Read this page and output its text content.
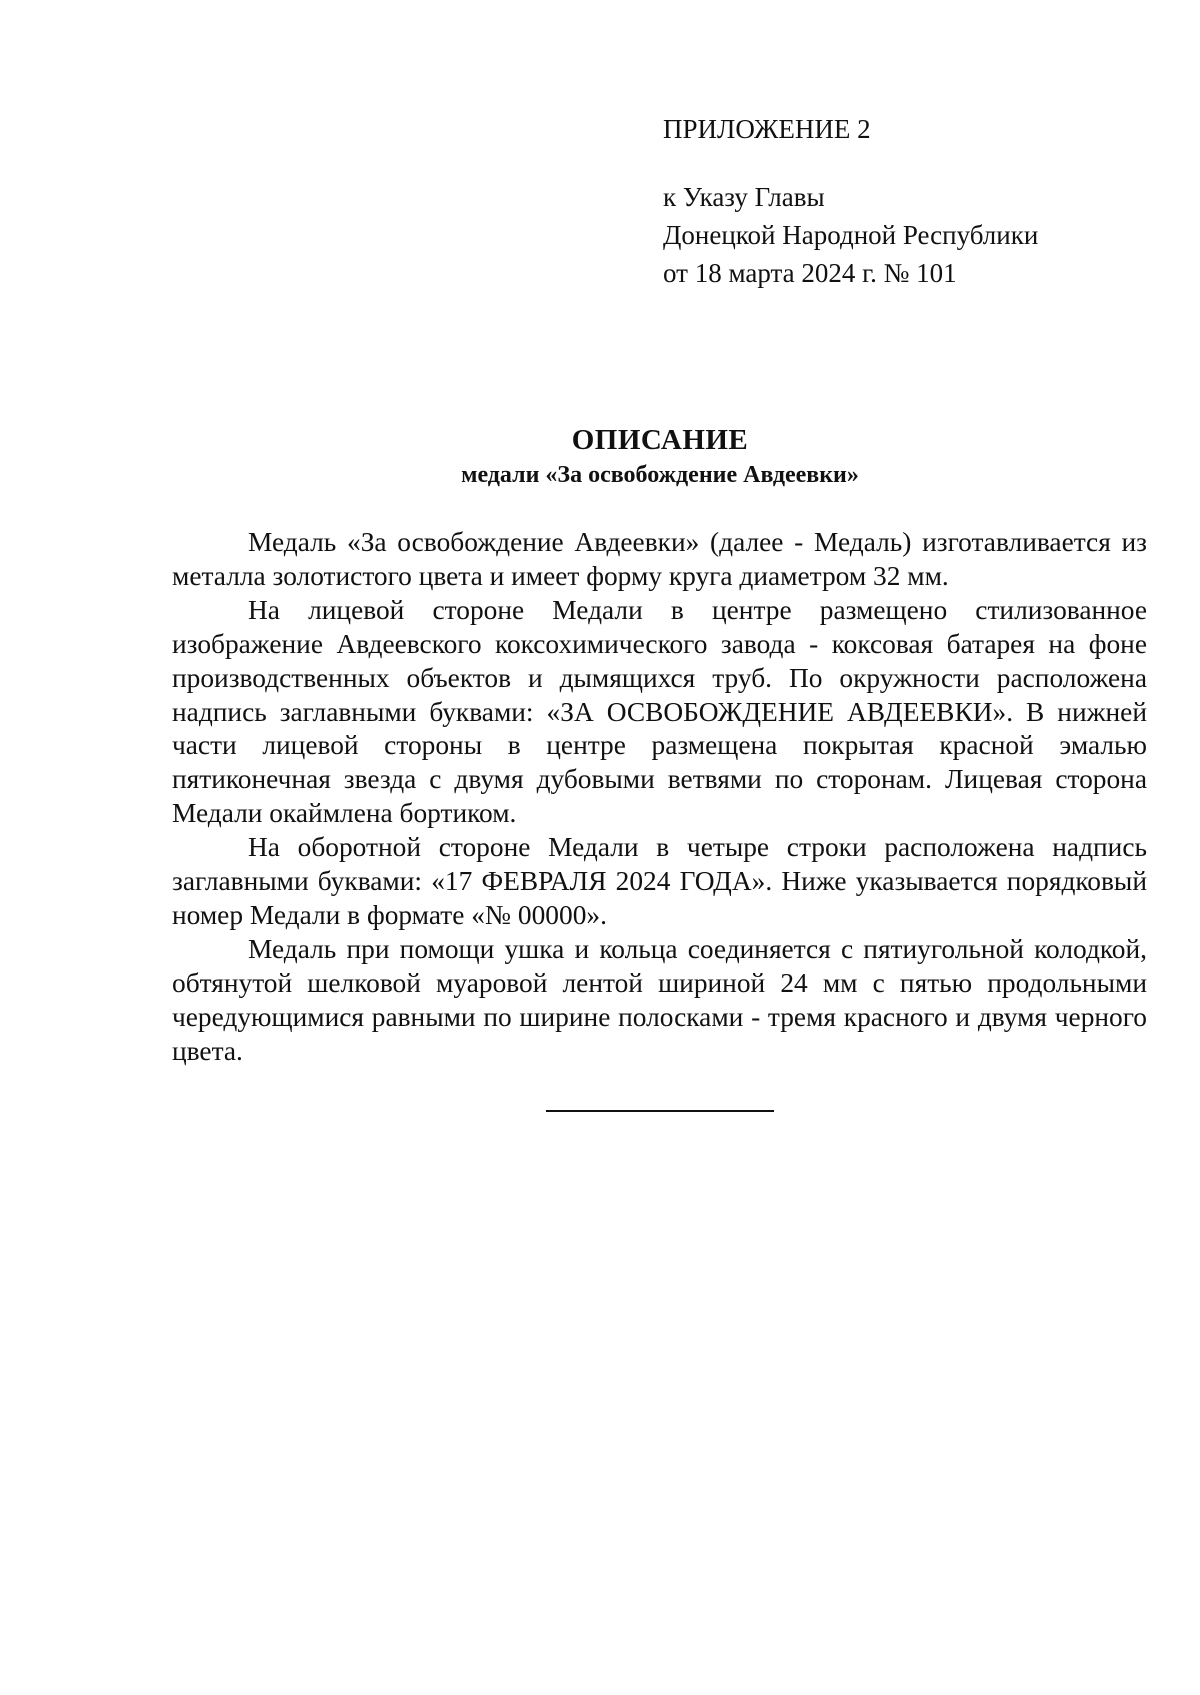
ПРИЛОЖЕНИЕ 2
к Указу Главы
Донецкой Народной Республики
от 18 марта 2024 г. № 101
ОПИСАНИЕ
медали «За освобождение Авдеевки»

Медаль «За освобождение Авдеевки» (далее - Медаль) изготавливается из металла золотистого цвета и имеет форму круга диаметром 32 мм.

На лицевой стороне Медали в центре размещено стилизованное изображение Авдеевского коксохимического завода - коксовая батарея на фоне производственных объектов и дымящихся труб. По окружности расположена надпись заглавными буквами: «ЗА ОСВОБОЖДЕНИЕ АВДЕЕВКИ». В нижней части лицевой стороны в центре размещена покрытая красной эмалью пятиконечная звезда с двумя дубовыми ветвями по сторонам. Лицевая сторона Медали окаймлена бортиком.

На оборотной стороне Медали в четыре строки расположена надпись заглавными буквами: «17 ФЕВРАЛЯ 2024 ГОДА». Ниже указывается порядковый номер Медали в формате «№ 00000».

Медаль при помощи ушка и кольца соединяется с пятиугольной колодкой, обтянутой шелковой муаровой лентой шириной 24 мм с пятью продольными чередующимися равными по ширине полосками - тремя красного и двумя черного цвета.
